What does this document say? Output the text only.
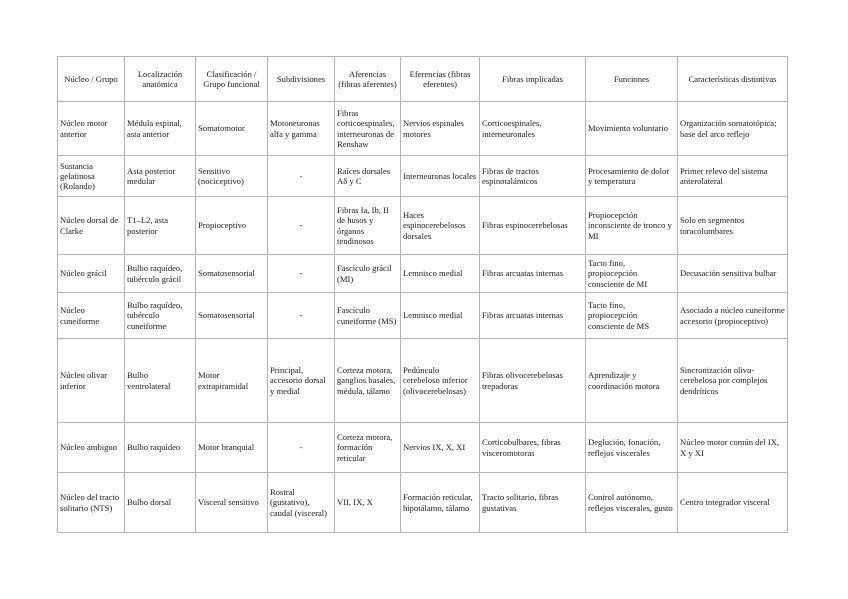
Núcleo / Grupo	Localización anatómica	Clasificación / Grupo funcional	Subdivisiones	Aferencias (fibras aferentes)	Eferencias (fibras eferentes)	Fibras implicadas	Funciones	Características distintivas
Núcleo motor anterior	Médula espinal, asta anterior	Somatomotor	Motoneuronas alfa y gamma	Fibras corticoespinales, interneuronas de Renshaw	Nervios espinales motores	Corticoespinales, interneuronales	Movimiento voluntario	Organización somatotópica; base del arco reflejo
Sustancia gelatinosa (Rolando)	Asta posterior medular	Sensitivo (nociceptivo)	-	Raíces dorsales Aδ y C	Interneuronas locales	Fibras de tractos espinotalámicos	Procesamiento de dolor y temperatura	Primer relevo del sistema anterolateral
Núcleo dorsal de Clarke	T1–L2, asta posterior	Propioceptivo	-	Fibras Ia, Ib, II de husos y órganos tendinosos	Haces espinocerebelosos dorsales	Fibras espinocerebelosas	Propiocepción inconsciente de tronco y MI	Solo en segmentos toracolumbares
Núcleo grácil	Bulbo raquídeo, tubérculo grácil	Somatosensorial	-	Fascículo grácil (MI)	Lemnisco medial	Fibras arcuatas internas	Tacto fino, propiocepción consciente de MI	Decusación sensitiva bulbar
Núcleo cuneiforme	Bulbo raquídeo, tubérculo cuneiforme	Somatosensorial	-	Fascículo cuneiforme (MS)	Lemnisco medial	Fibras arcuatas internas	Tacto fino, propiocepción consciente de MS	Asociado a núcleo cuneiforme accesorio (propioceptivo)
Núcleo olivar inferior	Bulbo ventrolateral	Motor extrapiramidal	Principal, accesorio dorsal y medial	Corteza motora, ganglios basales, médula, tálamo	Pedúnculo cerebeloso inferior (olivocerebelosas)	Fibras olivocerebelosas trepadoras	Aprendizaje y coordinación motora	Sincronización olivo-cerebelosa por complejos dendríticos
Núcleo ambiguo	Bulbo raquídeo	Motor branquial	-	Corteza motora, formación reticular	Nervios IX, X, XI	Corticobulbares, fibras visceromotoras	Deglución, fonación, reflejos viscerales	Núcleo motor común del IX, X y XI
Núcleo del tracto solitario (NTS)	Bulbo dorsal	Visceral sensitivo	Rostral (gustativo), caudal (visceral)	VII, IX, X	Formación reticular, hipotálamo, tálamo	Tracto solitario, fibras gustativas	Control autónomo, reflejos viscerales, gusto	Centro integrador visceral
